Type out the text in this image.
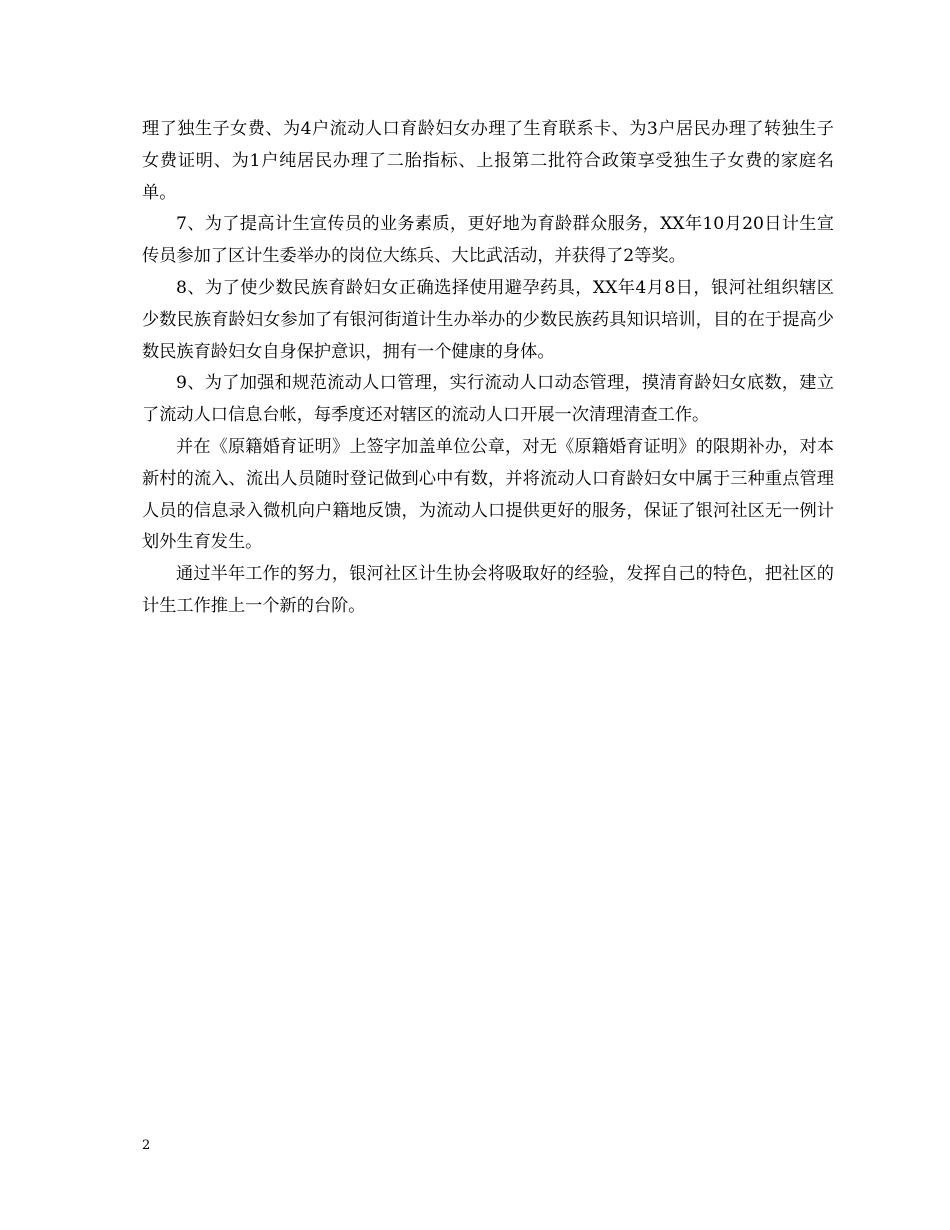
理了独生子女费、为4户流动人口育龄妇女办理了生育联系卡、为3户居民办理了转独生子女费证明、为1户纯居民办理了二胎指标、上报第二批符合政策享受独生子女费的家庭名单。

7、为了提高计生宣传员的业务素质，更好地为育龄群众服务，XX年10月20日计生宣传员参加了区计生委举办的岗位大练兵、大比武活动，并获得了2等奖。

8、为了使少数民族育龄妇女正确选择使用避孕药具，XX年4月8日，银河社组织辖区少数民族育龄妇女参加了有银河街道计生办举办的少数民族药具知识培训，目的在于提高少数民族育龄妇女自身保护意识，拥有一个健康的身体。

9、为了加强和规范流动人口管理，实行流动人口动态管理，摸清育龄妇女底数，建立了流动人口信息台帐，每季度还对辖区的流动人口开展一次清理清查工作。

并在《原籍婚育证明》上签字加盖单位公章，对无《原籍婚育证明》的限期补办，对本新村的流入、流出人员随时登记做到心中有数，并将流动人口育龄妇女中属于三种重点管理人员的信息录入微机向户籍地反馈，为流动人口提供更好的服务，保证了银河社区无一例计划外生育发生。

通过半年工作的努力，银河社区计生协会将吸取好的经验，发挥自己的特色，把社区的计生工作推上一个新的台阶。

2
